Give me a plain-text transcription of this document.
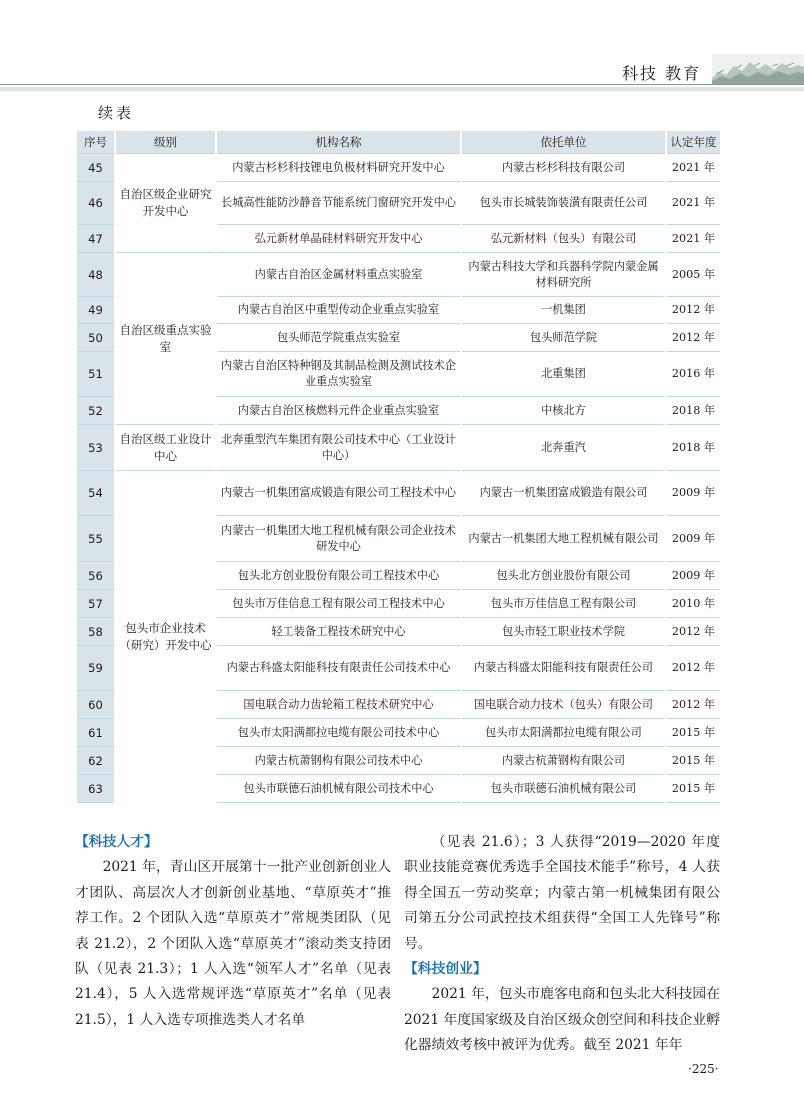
科技 教育
续表
序号	级别	机构名称	依托单位	认定年度
45	自治区级企业研究开发中心	内蒙古杉杉科技锂电负极材料研究开发中心	内蒙古杉杉科技有限公司	2021 年
46		长城高性能防沙静音节能系统门窗研究开发中心	包头市长城装饰装潢有限责任公司	2021 年
47		弘元新材单晶硅材料研究开发中心	弘元新材料（包头）有限公司	2021 年
48	自治区级重点实验室	内蒙古自治区金属材料重点实验室	内蒙古科技大学和兵器科学院内蒙金属材料研究所	2005 年
49		内蒙古自治区中重型传动企业重点实验室	一机集团	2012 年
50		包头师范学院重点实验室	包头师范学院	2012 年
51		内蒙古自治区特种钢及其制品检测及测试技术企业重点实验室	北重集团	2016 年
52		内蒙古自治区核燃料元件企业重点实验室	中核北方	2018 年
53	自治区级工业设计中心	北奔重型汽车集团有限公司技术中心（工业设计中心）	北奔重汽	2018 年
54	包头市企业技术（研究）开发中心	内蒙古一机集团富成锻造有限公司工程技术中心	内蒙古一机集团富成锻造有限公司	2009 年
55		内蒙古一机集团大地工程机械有限公司企业技术研发中心	内蒙古一机集团大地工程机械有限公司	2009 年
56		包头北方创业股份有限公司工程技术中心	包头北方创业股份有限公司	2009 年
57		包头市万佳信息工程有限公司工程技术中心	包头市万佳信息工程有限公司	2010 年
58		轻工装备工程技术研究中心	包头市轻工职业技术学院	2012 年
59		内蒙古科盛太阳能科技有限责任公司技术中心	内蒙古科盛太阳能科技有限责任公司	2012 年
60		国电联合动力齿轮箱工程技术研究中心	国电联合动力技术（包头）有限公司	2012 年
61		包头市太阳满都拉电缆有限公司技术中心	包头市太阳满都拉电缆有限公司	2015 年
62		内蒙古杭萧钢构有限公司技术中心	内蒙古杭萧钢构有限公司	2015 年
63		包头市联德石油机械有限公司技术中心	包头市联德石油机械有限公司	2015 年

【科技人才】

2021 年，青山区开展第十一批产业创新创业人才团队、高层次人才创新创业基地、“草原英才”推荐工作。2 个团队入选“草原英才”常规类团队（见表 21.2），2 个团队入选“草原英才”滚动类支持团队（见表 21.3）；1 人入选“领军人才”名单（见表 21.4），5 人入选常规评选“草原英才”名单（见表 21.5），1 人入选专项推选类人才名单

（见表 21.6）；3 人获得“2019—2020 年度职业技能竞赛优秀选手全国技术能手”称号，4 人获得全国五一劳动奖章；内蒙古第一机械集团有限公司第五分公司武控技术组获得“全国工人先锋号”称号。

【科技创业】

2021 年，包头市鹿客电商和包头北大科技园在 2021 年度国家级及自治区级众创空间和科技企业孵化器绩效考核中被评为优秀。截至 2021 年年

·225·
